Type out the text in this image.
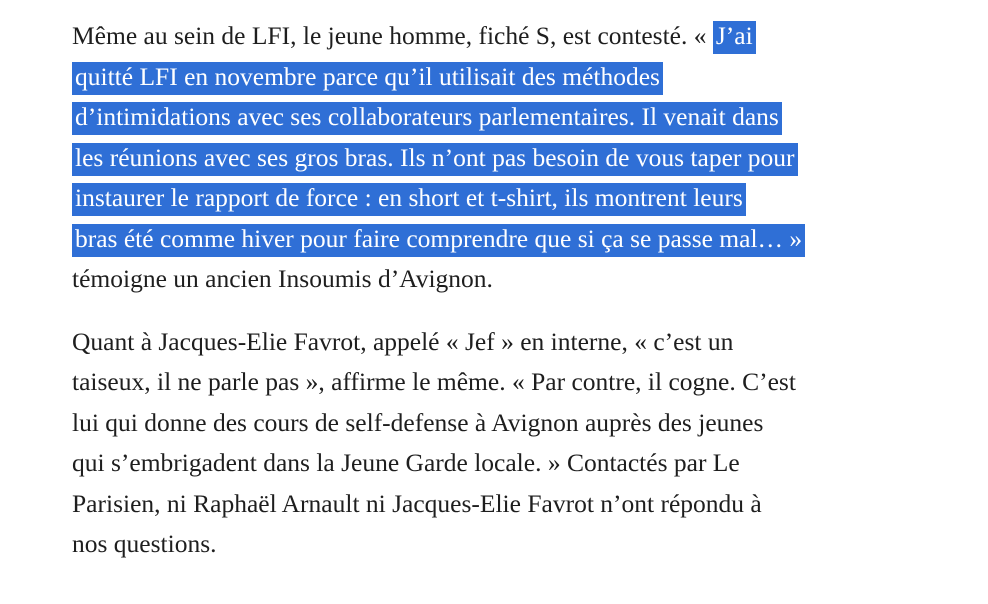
Même au sein de LFI, le jeune homme, fiché S, est contesté. « J’ai
quitté LFI en novembre parce qu’il utilisait des méthodes
d’intimidations avec ses collaborateurs parlementaires. Il venait dans
les réunions avec ses gros bras. Ils n’ont pas besoin de vous taper pour
instaurer le rapport de force : en short et t-shirt, ils montrent leurs
bras été comme hiver pour faire comprendre que si ça se passe mal… »
témoigne un ancien Insoumis d’Avignon.

Quant à Jacques-Elie Favrot, appelé « Jef » en interne, « c’est un
taiseux, il ne parle pas », affirme le même. « Par contre, il cogne. C’est
lui qui donne des cours de self-defense à Avignon auprès des jeunes
qui s’embrigadent dans la Jeune Garde locale. » Contactés par Le
Parisien, ni Raphaël Arnault ni Jacques-Elie Favrot n’ont répondu à
nos questions.
